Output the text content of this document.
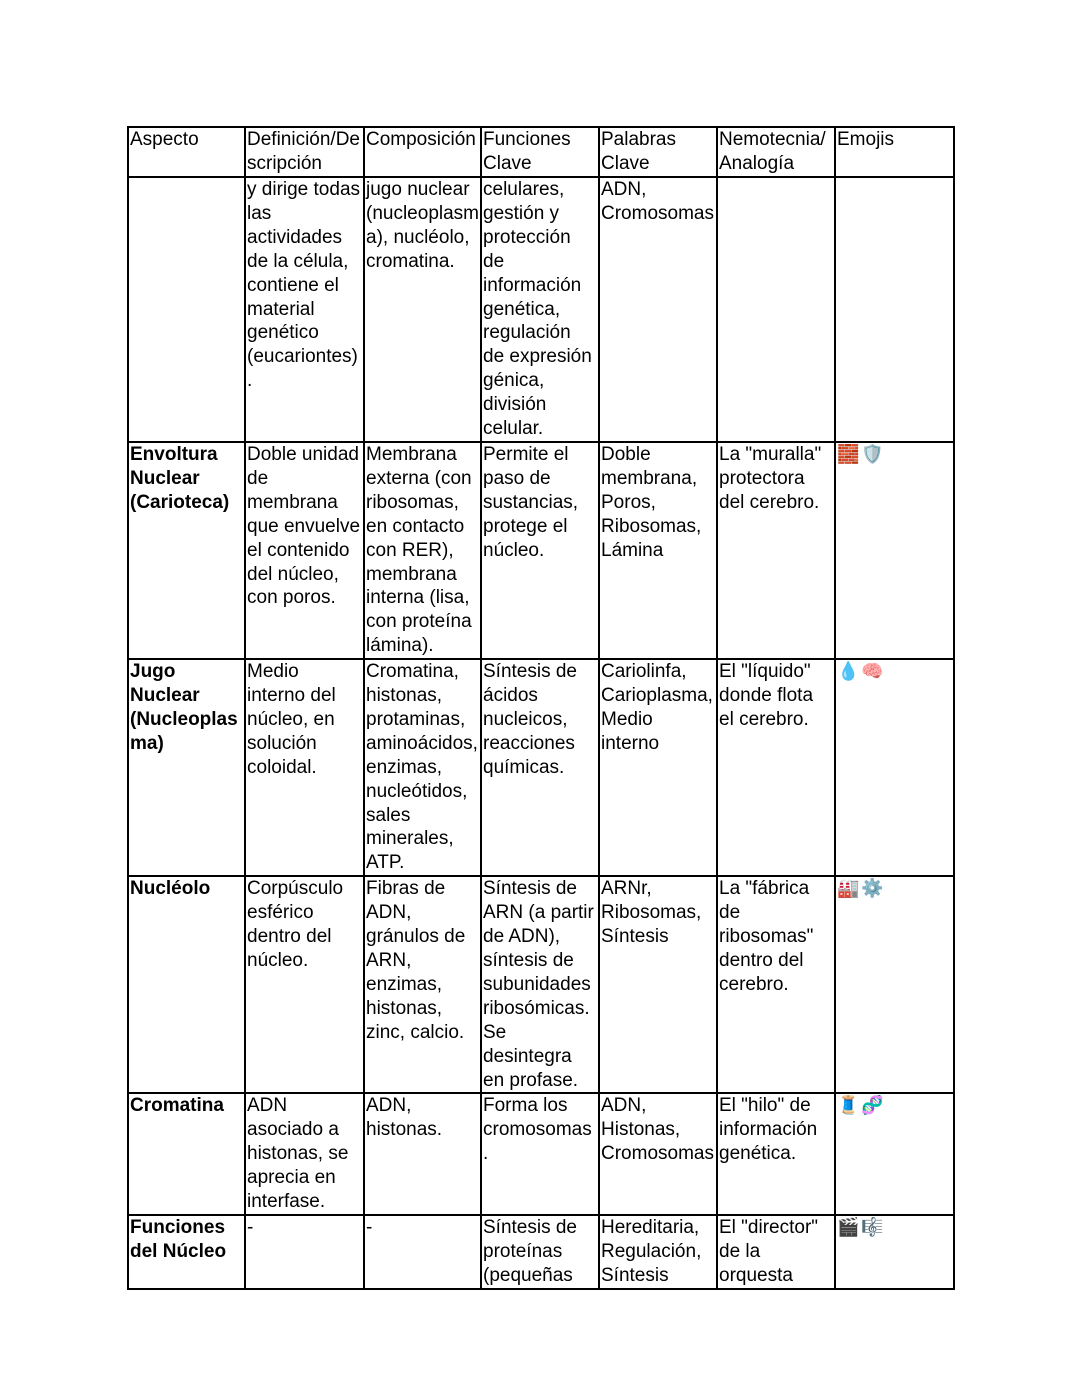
Aspecto	Definición/Descripción	Composición	Funciones Clave	Palabras Clave	Nemotecnia/ Analogía	Emojis
	y dirige todas las actividades de la célula, contiene el material genético (eucariontes).	jugo nuclear (nucleoplasma), nucléolo, cromatina.	celulares, gestión y protección de información genética, regulación de expresión génica, división celular.	ADN, Cromosomas		
Envoltura Nuclear (Carioteca)	Doble unidad de membrana que envuelve el contenido del núcleo, con poros.	Membrana externa (con ribosomas, en contacto con RER), membrana interna (lisa, con proteína lámina).	Permite el paso de sustancias, protege el núcleo.	Doble membrana, Poros, Ribosomas, Lámina	La "muralla" protectora del cerebro.	🧱🛡️
Jugo Nuclear (Nucleoplasma)	Medio interno del núcleo, en solución coloidal.	Cromatina, histonas, protaminas, aminoácidos, enzimas, nucleótidos, sales minerales, ATP.	Síntesis de ácidos nucleicos, reacciones químicas.	Cariolinfa, Carioplasma, Medio interno	El "líquido" donde flota el cerebro.	💧🧠
Nucléolo	Corpúsculo esférico dentro del núcleo.	Fibras de ADN, gránulos de ARN, enzimas, histonas, zinc, calcio.	Síntesis de ARN (a partir de ADN), síntesis de subunidades ribosómicas. Se desintegra en profase.	ARNr, Ribosomas, Síntesis	La "fábrica de ribosomas" dentro del cerebro.	🏭⚙️
Cromatina	ADN asociado a histonas, se aprecia en interfase.	ADN, histonas.	Forma los cromosomas.	ADN, Histonas, Cromosomas	El "hilo" de información genética.	🧵🧬
Funciones del Núcleo	-	-	Síntesis de proteínas (pequeñas	Hereditaria, Regulación, Síntesis	El "director" de la orquesta	🎬🎼
